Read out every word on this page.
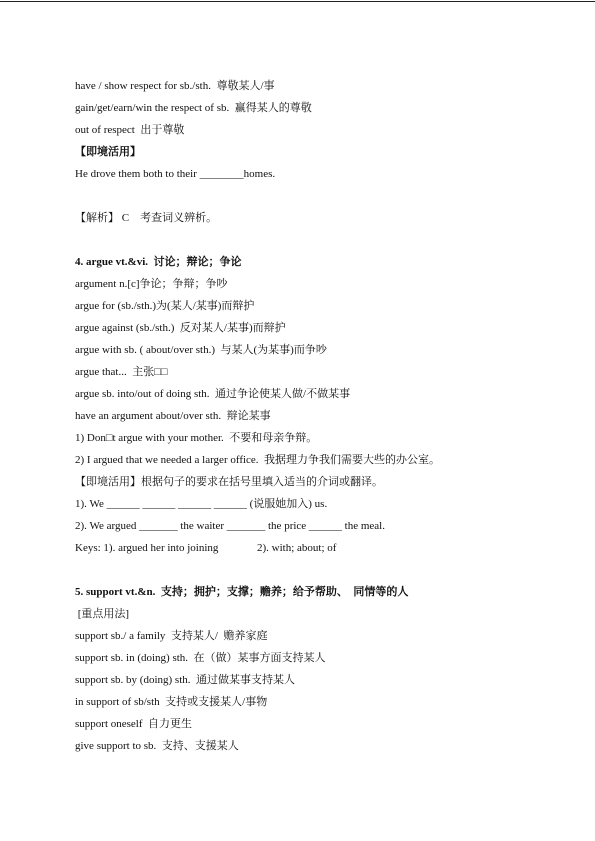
have / show respect for sb./sth.  尊敬某人/事
gain/get/earn/win the respect of sb.  赢得某人的尊敬
out of respect  出于尊敬
【即境活用】
He drove them both to their ________homes.

【解析】 C    考查词义辨析。
4. argue vt.&vi.  讨论；辩论；争论
argument n.[c]争论；争辩；争吵
argue for (sb./sth.)为(某人/某事)而辩护
argue against (sb./sth.)  反对某人/某事)而辩护
argue with sb. ( about/over sth.)  与某人(为某事)而争吵
argue that...  主张□□
argue sb. into/out of doing sth.  通过争论使某人做/不做某事
have an argument about/over sth.  辩论某事
1) Don□t argue with your mother.  不要和母亲争辩。
2) I argued that we needed a larger office.  我据理力争我们需要大些的办公室。
【即境活用】根据句子的要求在括号里填入适当的介词或翻译。
1). We ______ ______ ______ ______ (说服她加入) us.
2). We argued _______ the waiter _______ the price ______ the meal.
Keys: 1). argued her into joining	2). with; about; of
5. support vt.&n.  支持；拥护；支撑；赡养；给予帮助、  同情等的人
[重点用法]
support sb./ a family  支持某人/  赡养家庭
support sb. in (doing) sth.  在（做）某事方面支持某人
support sb. by (doing) sth.  通过做某事支持某人
in support of sb/sth  支持或支援某人/事物
support oneself  自力更生
give support to sb.  支持、支援某人
